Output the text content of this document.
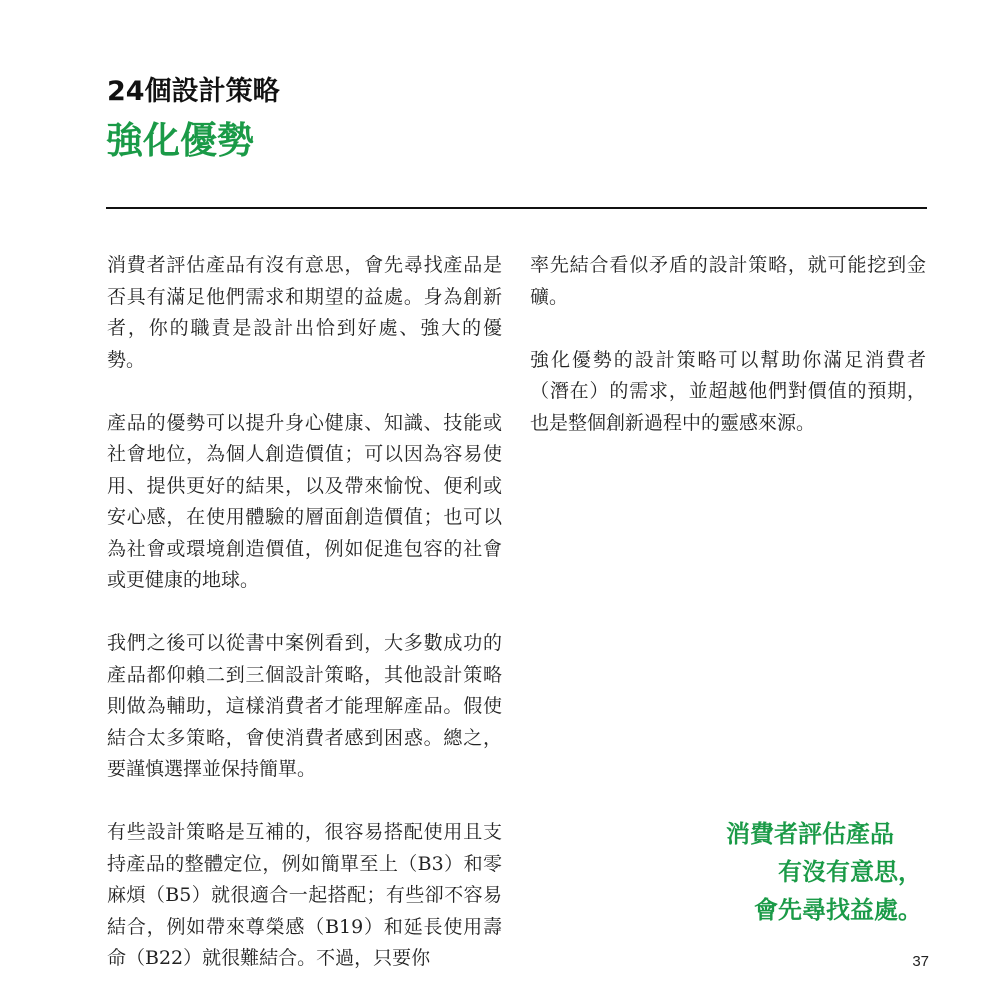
24個設計策略
強化優勢

消費者評估產品有沒有意思，會先尋找產品是否具有滿足他們需求和期望的益處。身為創新者，你的職責是設計出恰到好處、強大的優勢。

產品的優勢可以提升身心健康、知識、技能或社會地位，為個人創造價值；可以因為容易使用、提供更好的結果，以及帶來愉悅、便利或安心感，在使用體驗的層面創造價值；也可以為社會或環境創造價值，例如促進包容的社會或更健康的地球。

我們之後可以從書中案例看到，大多數成功的產品都仰賴二到三個設計策略，其他設計策略則做為輔助，這樣消費者才能理解產品。假使結合太多策略，會使消費者感到困惑。總之，要謹慎選擇並保持簡單。

有些設計策略是互補的，很容易搭配使用且支持產品的整體定位，例如簡單至上（B3）和零麻煩（B5）就很適合一起搭配；有些卻不容易結合，例如帶來尊榮感（B19）和延長使用壽命（B22）就很難結合。不過，只要你

率先結合看似矛盾的設計策略，就可能挖到金礦。

強化優勢的設計策略可以幫助你滿足消費者（潛在）的需求，並超越他們對價值的預期，也是整個創新過程中的靈感來源。

消費者評估產品
有沒有意思，
會先尋找益處。
37
